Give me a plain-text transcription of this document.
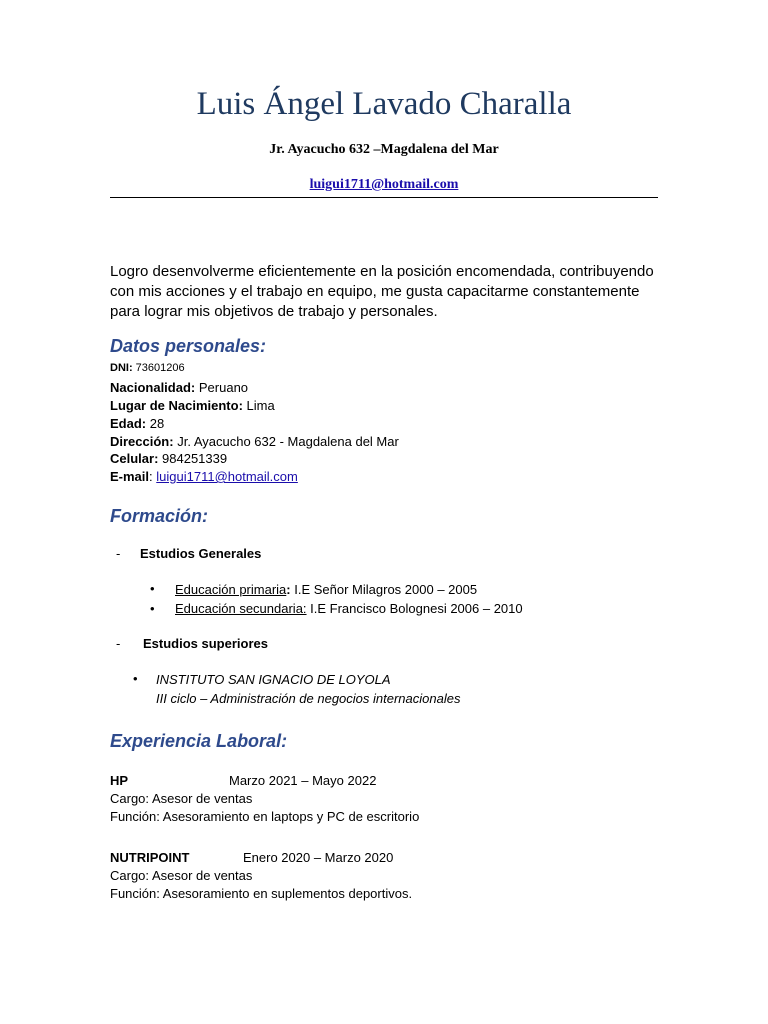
Luis Ángel Lavado Charalla
Jr. Ayacucho 632 –Magdalena del Mar
luigui1711@hotmail.com
Logro desenvolverme eficientemente en la posición encomendada, contribuyendo con mis acciones y el trabajo en equipo, me gusta capacitarme constantemente para lograr mis objetivos de trabajo y personales.
Datos personales:
DNI: 73601206
Nacionalidad: Peruano
Lugar de Nacimiento: Lima
Edad: 28
Dirección: Jr. Ayacucho 632 - Magdalena del Mar
Celular: 984251339
E-mail: luigui1711@hotmail.com
Formación:
- Estudios Generales
• Educación primaria: I.E Señor Milagros 2000 – 2005
• Educación secundaria: I.E Francisco Bolognesi 2006 – 2010
- Estudios superiores
• INSTITUTO SAN IGNACIO DE LOYOLA
III ciclo – Administración de negocios internacionales
Experiencia Laboral:
HP	Marzo 2021 – Mayo 2022
Cargo: Asesor de ventas
Función: Asesoramiento en laptops y PC de escritorio
NUTRIPOINT	Enero 2020 – Marzo 2020
Cargo: Asesor de ventas
Función: Asesoramiento en suplementos deportivos.
